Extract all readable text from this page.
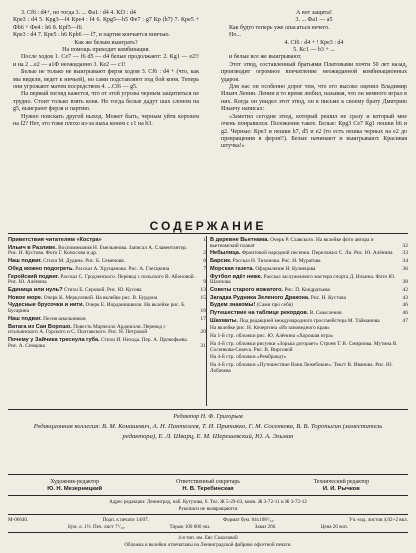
3. Сf6 : d4+, но тогда 3. ... Фа1 : d4 4. Кf3 : d4

Кре3 : d4 5. Крg3—f4 Кре4 : f4 6. Крg5—h5 Фе7 : g7 Кр (h7) 7. Кре5 + Фb6 + Фe4 : h6 8. Крf5—f6

Кре3 : d4 7. Кре5 : h6 Крb6 — f7, и партия кончается вничью.

Как же белым выиграть?

На помощь приходит комбинация.

После ходов 1. Се7 — f6 d5 — d4 белые продолжают: 2. Кg1 — e2!! и на 2 ...e2 — a1Ф неожиданно 3. Кe2 — c1!

Белые не только не выигрывают ферзя ходом 3. Сf6 : d4 + (что, как мы видели, ведет к ничьей), но сами подставляют под бой коня. Теперь они угрожают матом посредством 4. ...Сf6 — g5.

На первый взгляд кажется, что от этой угрозы черным защититься не трудно. Стоит только взять коня. Но тогда белые дадут шах слоном на g5, выиграют ферзя и партию.

Нужно поискать другой выход. Может быть, черным уйти королем на f2? Нет, это тоже плохо из-за шаха конем с c1 на b3.

А вот защита!

3. ... Фа1 — a5

Как будто теперь уже опасаться нечего.

Но...

4. Сf6 : d4 + ! Кре3 : d4

5. Кс1 — b3 + ...

и белые все же выигрывают.

Этот этюд, составленный братьями Платовыми почти 50 лет назад, производит огромное впечатление неожиданной комбинационных ударов.

Для нас он особенно дорог тем, что его высоко оценил Владимир Ильич Ленин. Ленин в то время любил, называя, что он немного играл в них. Когда он увидел этот этюд, он в письме к своему брату Дмитрию Ильичу написал:

«Заметил сегодня этюд, который решил не сразу и который мне очень понравился. Положение такое. Белые: Крg3 Се7 Кg1 пешки h6 и g2. Черные: Кре3 и пешки h7, d5 и e2 (то есть пешка черных на e2 до превращения в ферзя!!). Белые начинают и выигрывают. Красивая штучка!»

СОДЕРЖАНИЕ
Приветствия читателям «Костра»	1
Ильич в Разливе. Воспоминания Н. Емельянова. Записал А. Славентантор. Рис. Н. Кустова. Фото Г. Копосова и др.	2
Наш подвиг. Стихи М. Дудина. Рис. Б. Семенова.	6
Обед можно подогреть. Рассказ А. Хрущанова. Рис. А. Глесцкина	7
Геройский подвиг. Рассказ С. Гродзенского. Перевод с польского В. Абоновой. Рис. Ю. Алёнина	9
Единица или нуль? Стихи Е. Серовой. Рис. Ю. Кусова	13
Новое море. Очерк К. Меркулевой. На вклейке рис. В. Бурдона	15
Чудесные брусочки и нити. Очерк Е. Иорданишвили. На вклейке рис. Б. Бусарина	16
Наш подвиг. Песня школьников	17
Ватага из Сан Ворошо. Повесть Марчелло Арджилли. Перевод с итальянского А. Горского и С. Полтавского. Рис. Н. Петровой	20
Почему у Зайчика треснула губа. Стихи И. Нехода. Пер. А. Прокофьева. Рис. А. Семцова	31
В деревне Вьетнама. Очерк Р. Славского. На вклейке фото автора и вьетнамский плакат	32
Небылица. Фронтовой народной песенки. Переложил С. Ли. Рис. Ю. Алёнина	33
Барсик. Рассказ Н. Тихонова. Рис. Н. Муратова	34
Морская газета. Оформление Н. Кузнецова	36
Футбол идёт ниже. Рассказ заслуженного мастера спорта Д. Ильина. Фото Ю. Шалпова	38
Советы старого вожатого. Рис. П. Кондратьева	42
Загадка Рудника Зеленого Дракона. Рис. Н. Кустова	43
Будем знакомы! (Сами про себя)	46
Путешествие на таблице рекордов. В. Смысленов	46
Шахматы. Под редакцией международного гроссмейстера М. Таймановa	47
На вклейке рис. Н. Кочергина «Из заповедного края»
На 1-й стр. обложки рис. Ю. Алёнина «Хорошая игра»
На 4-й стр. обложки рисунки «Зорька догорает» Строев Т. В. Смирнова. Мутина В. Сосенкова-Ceaeva. Рис. В. Вирсовой
На 4-й стр. обложки «Рембрандт»
На 4-й стр. обложки «Путешествие Ваня Лежебокие». Текст В. Ивановa. Рис. Ю. Лобачева
Редактор Н. Ф. Григорьев
Редакционная коллегия: В. М. Конашевич, А. Н. Пантелеев, Т. И. Притакко, Г. М. Сосенкова, В. В. Торопыгин (заместитель редактора), Е. Л. Шварц, Е. М. Шерешевский, Ю. А. Эльман
Художник-редактор	Ответственный секретарь	Технический редактор
Ю. Н. Мезерницкий	Н. В. Теребинская	И. И. Рычков
Адрес редакции: Ленинград, наб. Кутузова, 6. Тел. Ж 5-29-63, комн. Ж 3-72-11 и Ж 3-72-12
Рукописи не возвращаются
М-06640.	Подп. к печати 14/07.	Формат бум. 84х108¹/₁₆.	Уч.-изд. листов 4,02+2 вкл.
Бум. л. 1½. Печ. лист 7¹/₁₆.	Тираж 100 000 экз.	Заказ 266.	Цена 20 коп.
4-я тип. им. Евг. Соколовой
Обложка и вклейки отпечатаны на Ленинградской фабрике офсетной печати.
